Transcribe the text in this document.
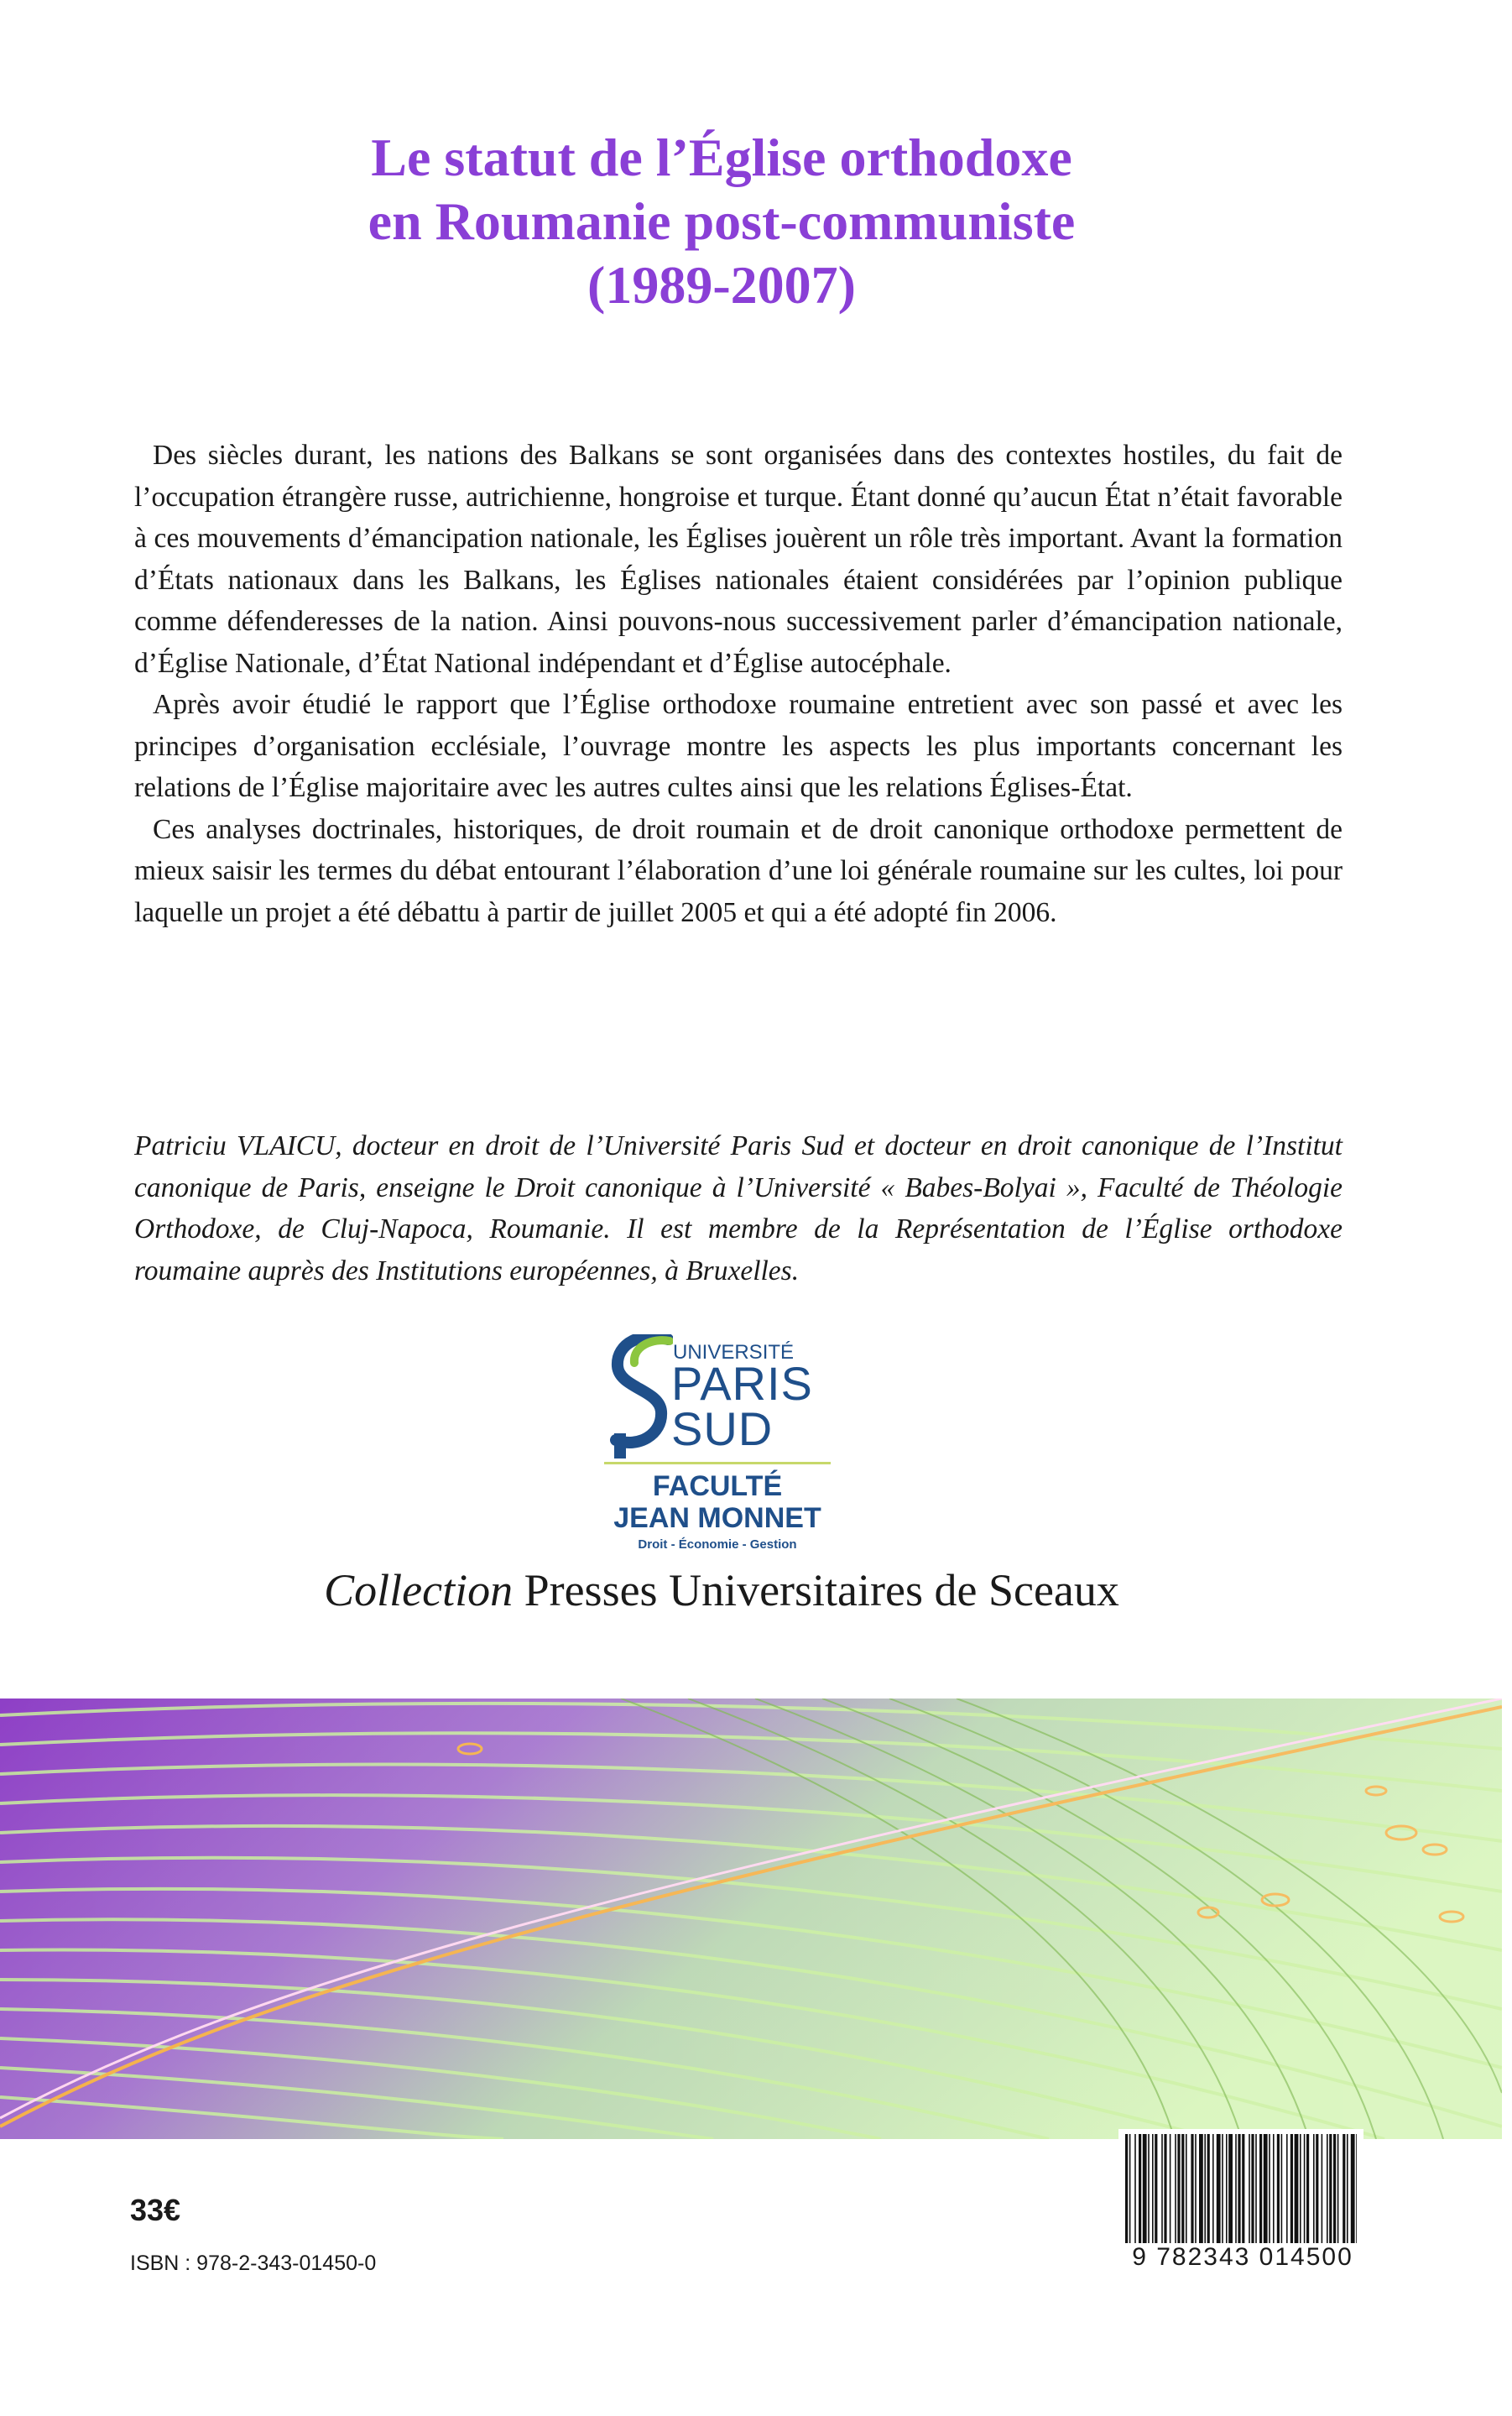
Le statut de l’Église orthodoxe
en Roumanie post-communiste
(1989-2007)

Des siècles durant, les nations des Balkans se sont organisées dans des contextes hostiles, du fait de l’occupation étrangère russe, autrichienne, hongroise et turque. Étant donné qu’aucun État n’était favorable à ces mouvements d’émancipation nationale, les Églises jouèrent un rôle très important. Avant la formation d’États nationaux dans les Balkans, les Églises nationales étaient considérées par l’opinion publique comme défenderesses de la nation. Ainsi pouvons-nous successivement parler d’émancipation nationale, d’Église Nationale, d’État National indépendant et d’Église autocéphale.

Après avoir étudié le rapport que l’Église orthodoxe roumaine entretient avec son passé et avec les principes d’organisation ecclésiale, l’ouvrage montre les aspects les plus importants concernant les relations de l’Église majoritaire avec les autres cultes ainsi que les relations Églises-État.

Ces analyses doctrinales, historiques, de droit roumain et de droit canonique orthodoxe permettent de mieux saisir les termes du débat entourant l’élaboration d’une loi générale roumaine sur les cultes, loi pour laquelle un projet a été débattu à partir de juillet 2005 et qui a été adopté fin 2006.

Patriciu VLAICU, docteur en droit de l’Université Paris Sud et docteur en droit canonique de l’Institut canonique de Paris, enseigne le Droit canonique à l’Université « Babes-Bolyai », Faculté de Théologie Orthodoxe, de Cluj-Napoca, Roumanie. Il est membre de la Représentation de l’Église orthodoxe roumaine auprès des Institutions européennes, à Bruxelles.
UNIVERSITÉ
PARIS
SUD
FACULTÉ
JEAN MONNET
Droit - Économie - Gestion
Collection Presses Universitaires de Sceaux
33€
ISBN : 978-2-343-01450-0	9 782343 014500
